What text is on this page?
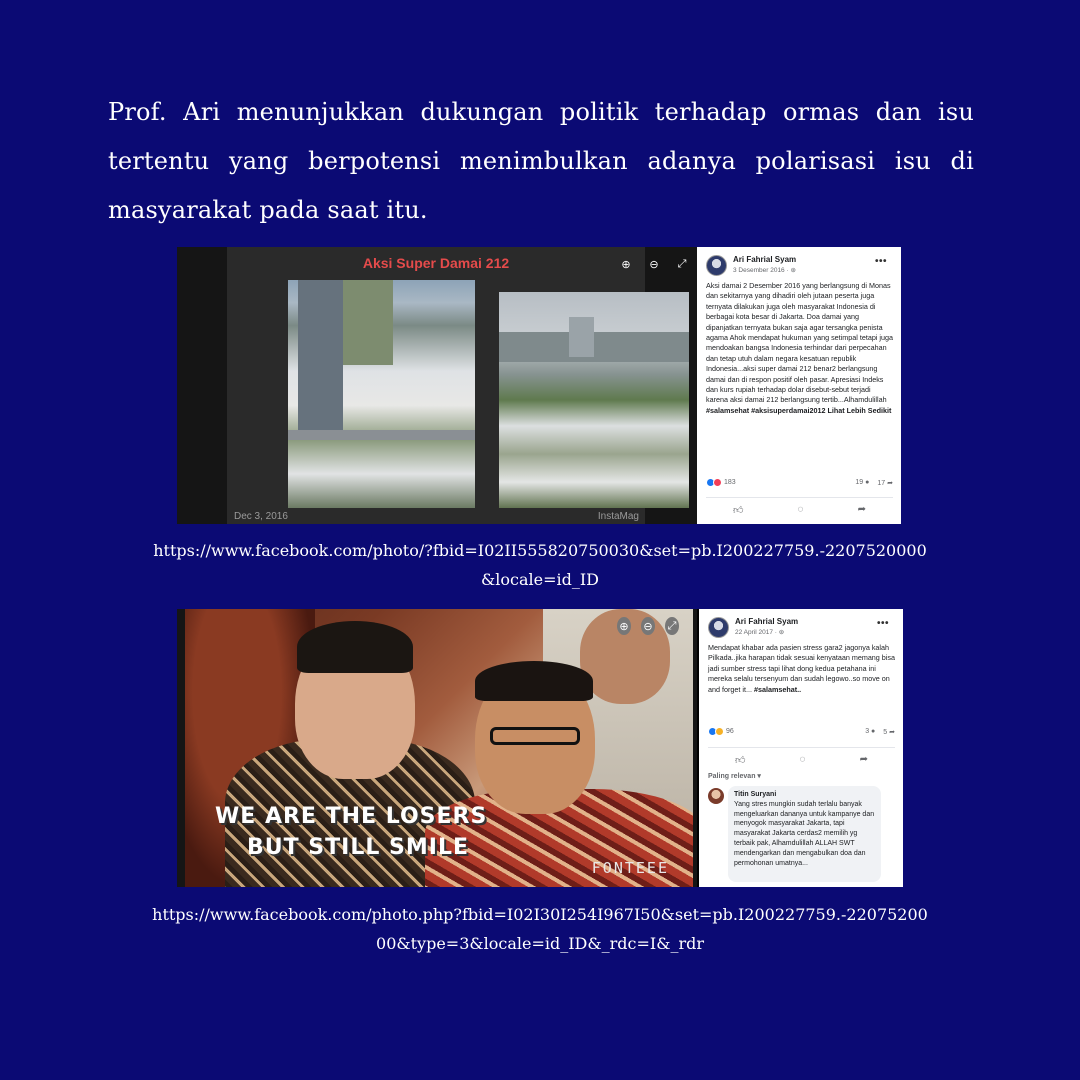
Prof. Ari menunjukkan dukungan politik terhadap ormas dan isu tertentu yang berpotensi menimbulkan adanya polarisasi isu di masyarakat pada saat itu.
Aksi Super Damai 212
Dec 3, 2016	InstaMag
⊕	⊖	⤢	Ari Fahrial Syam
3 Desember 2016 · ⊛
•••
Aksi damai 2 Desember 2016 yang berlangsung di Monas dan sekitarnya yang dihadiri oleh jutaan peserta juga ternyata dilakukan juga oleh masyarakat Indonesia di berbagai kota besar di Jakarta. Doa damai yang dipanjatkan ternyata bukan saja agar tersangka penista agama Ahok mendapat hukuman yang setimpal tetapi juga mendoakan bangsa Indonesia terhindar dari perpecahan dan tetap utuh dalam negara kesatuan republik Indonesia...aksi super damai 212 benar2 berlangsung damai dan di respon positif oleh pasar. Apresiasi Indeks dan kurs rupiah terhadap dolar disebut-sebut terjadi karena aksi damai 212 berlangsung tertib...Alhamdulillah #salamsehat #aksisuperdamai2012 Lihat Lebih Sedikit
183	19 ● 17 ➦
👍︎	◌	➦
https://www.facebook.com/photo/?fbid=I02II555820750030&set=pb.I200227759.-2207520000&locale=id_ID
WE ARE THE LOSERS
BUT STILL SMILE
FONTEEE
⊕ ⊖ ⤢	Ari Fahrial Syam
22 April 2017 · ⊛
•••
Mendapat khabar ada pasien stress gara2 jagonya kalah Pilkada..jika harapan tidak sesuai kenyataan memang bisa jadi sumber stress tapi lihat dong kedua petahana ini mereka selalu tersenyum dan sudah legowo..so move on and forget it... #salamsehat..
96	3 ● 5 ➦
👍︎	◌	➦
Paling relevan ▾
Titin Suryani
Yang stres mungkin sudah terlalu banyak mengeluarkan dananya untuk kampanye dan menyogok masyarakat Jakarta, tapi masyarakat Jakarta cerdas2 memilih yg terbaik pak, Alhamdulillah ALLAH SWT mendengarkan dan mengabulkan doa dan permohonan umatnya...
https://www.facebook.com/photo.php?fbid=I02I30I254I967I50&set=pb.I200227759.-2207520000&type=3&locale=id_ID&_rdc=I&_rdr
